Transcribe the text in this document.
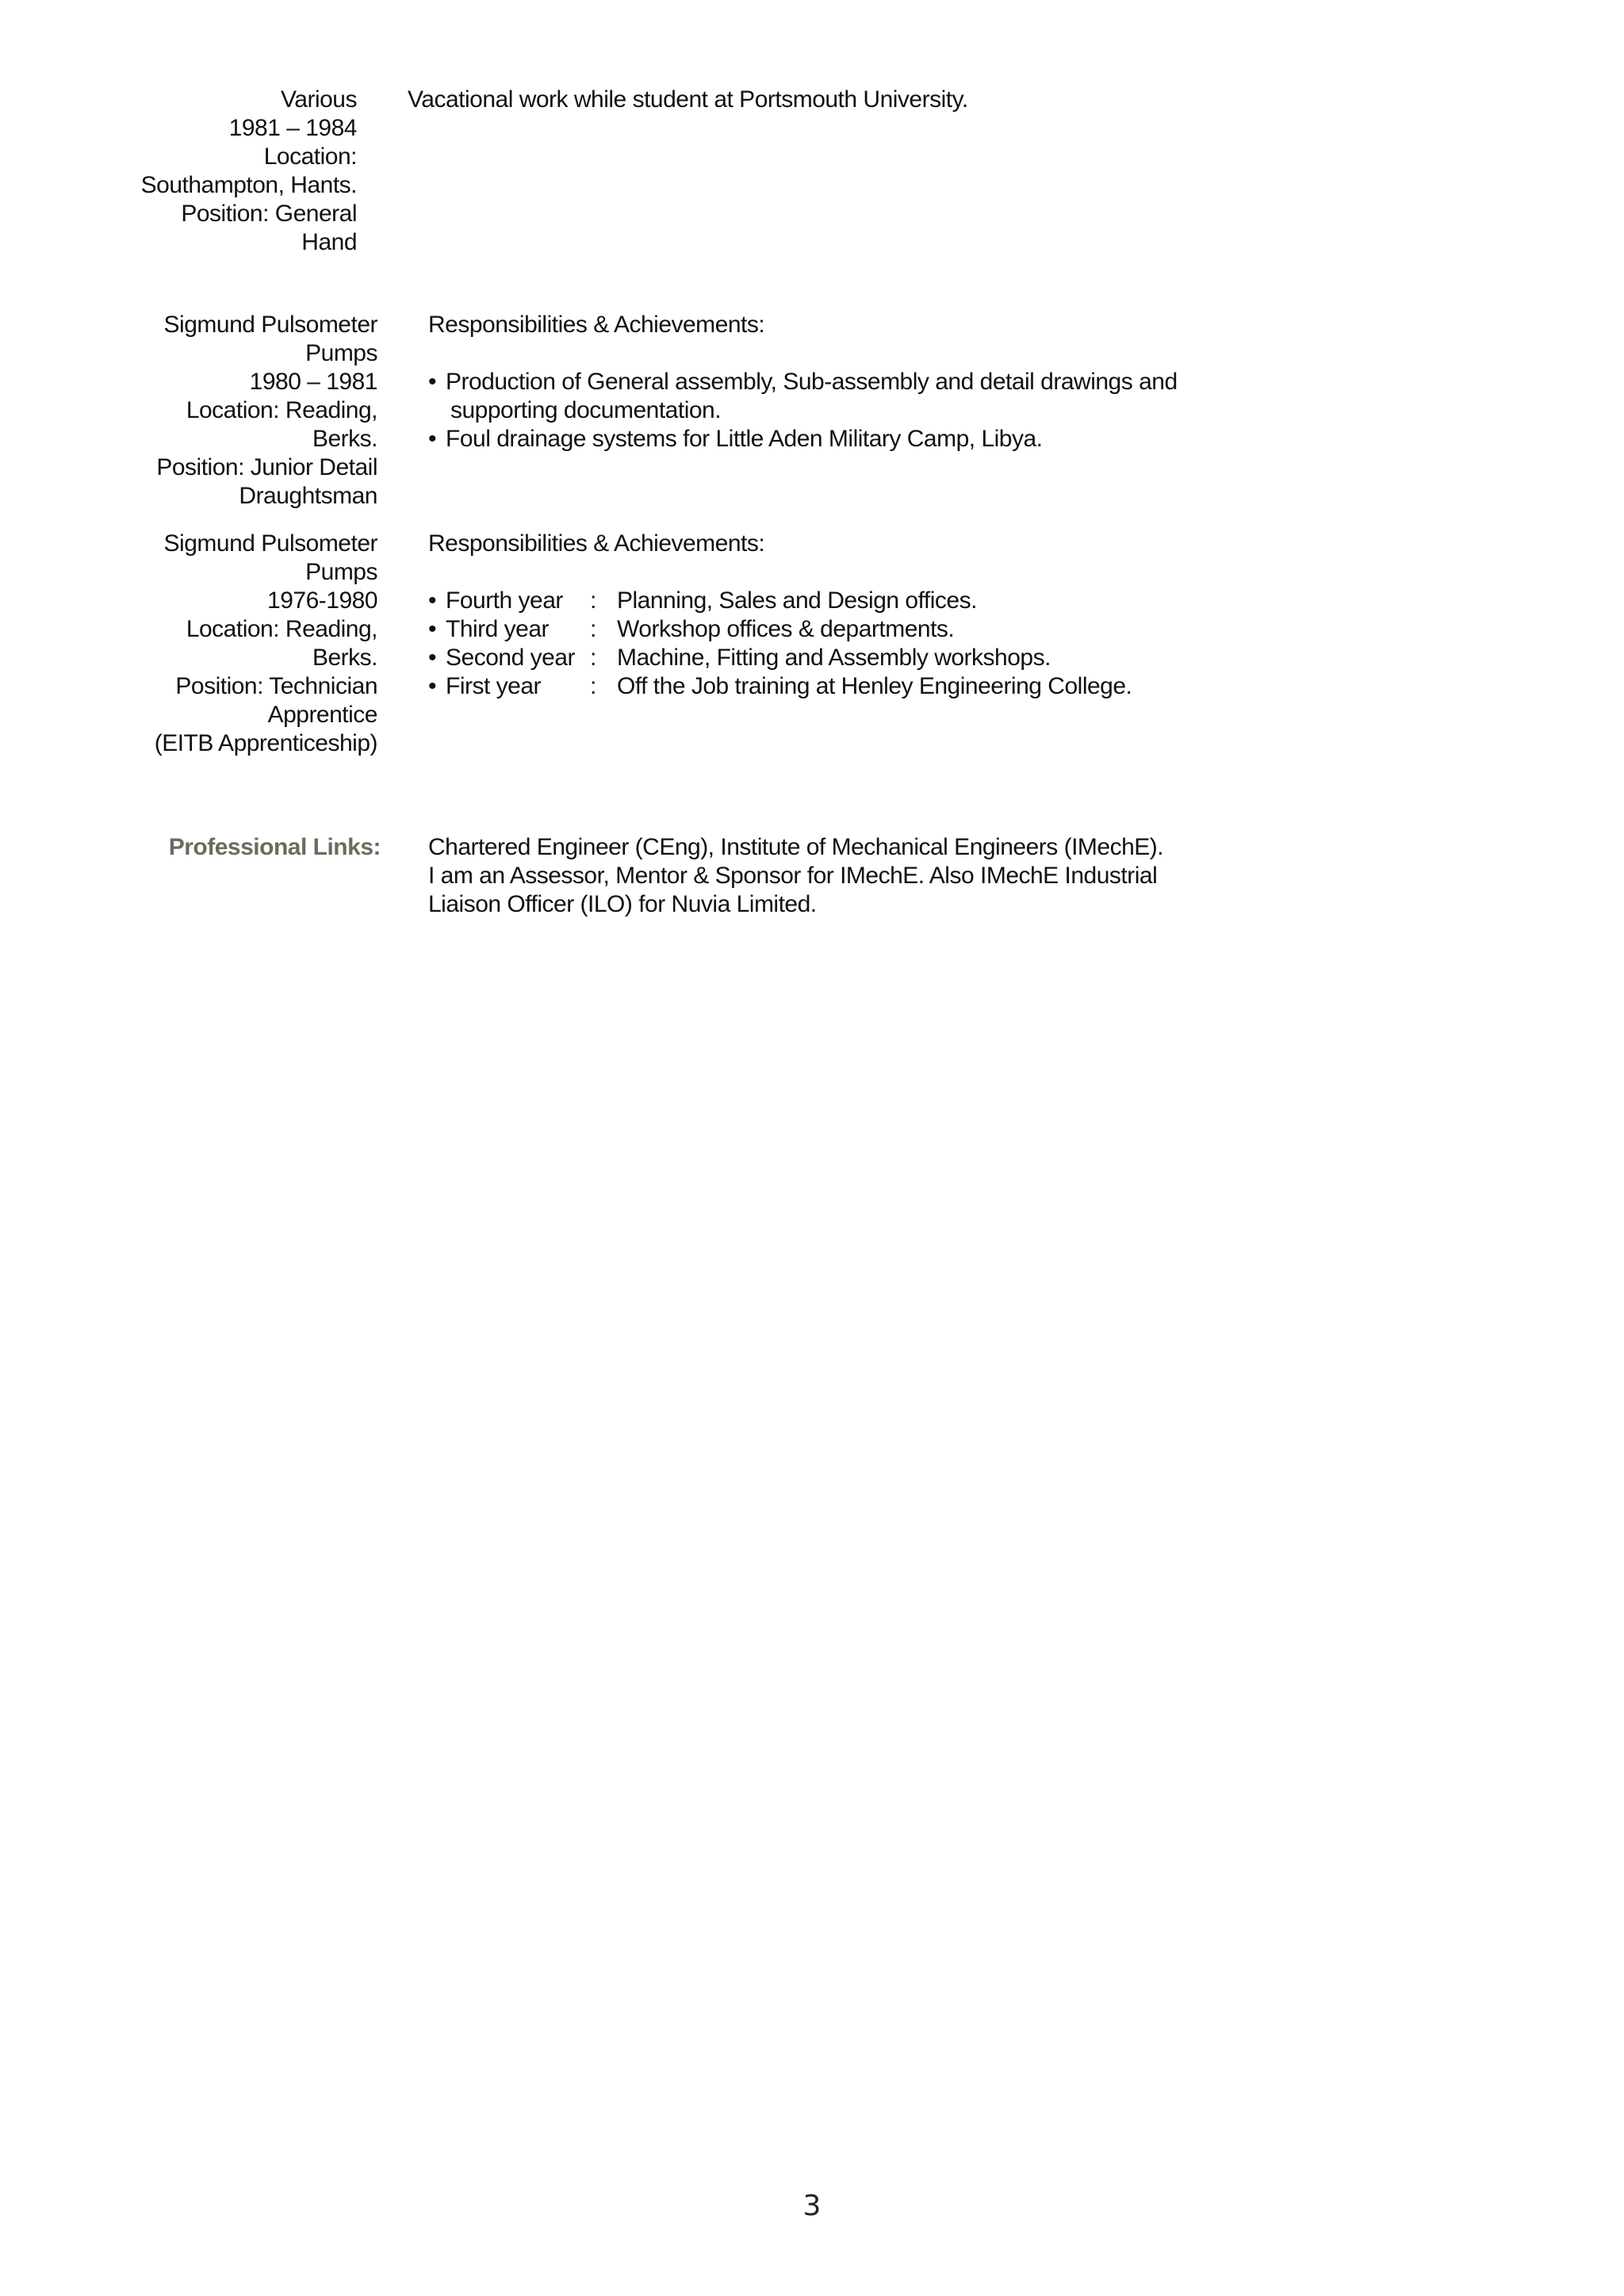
Various
1981 – 1984
Location:
Southampton, Hants.
Position: General
Hand
Vacational work while student at Portsmouth University.
Sigmund Pulsometer
Pumps
1980 – 1981
Location: Reading,
Berks.
Position: Junior Detail
Draughtsman
Responsibilities & Achievements:
• Production of General assembly, Sub-assembly and detail drawings and
supporting documentation.
• Foul drainage systems for Little Aden Military Camp, Libya.
Sigmund Pulsometer
Pumps
1976-1980
Location: Reading,
Berks.
Position: Technician
Apprentice
(EITB Apprenticeship)
Responsibilities & Achievements:
• Fourth year : Planning, Sales and Design offices.
• Third year : Workshop offices & departments.
• Second year : Machine, Fitting and Assembly workshops.
• First year : Off the Job training at Henley Engineering College.
Professional Links: Chartered Engineer (CEng), Institute of Mechanical Engineers (IMechE).
I am an Assessor, Mentor & Sponsor for IMechE. Also IMechE Industrial
Liaison Officer (ILO) for Nuvia Limited.
3
